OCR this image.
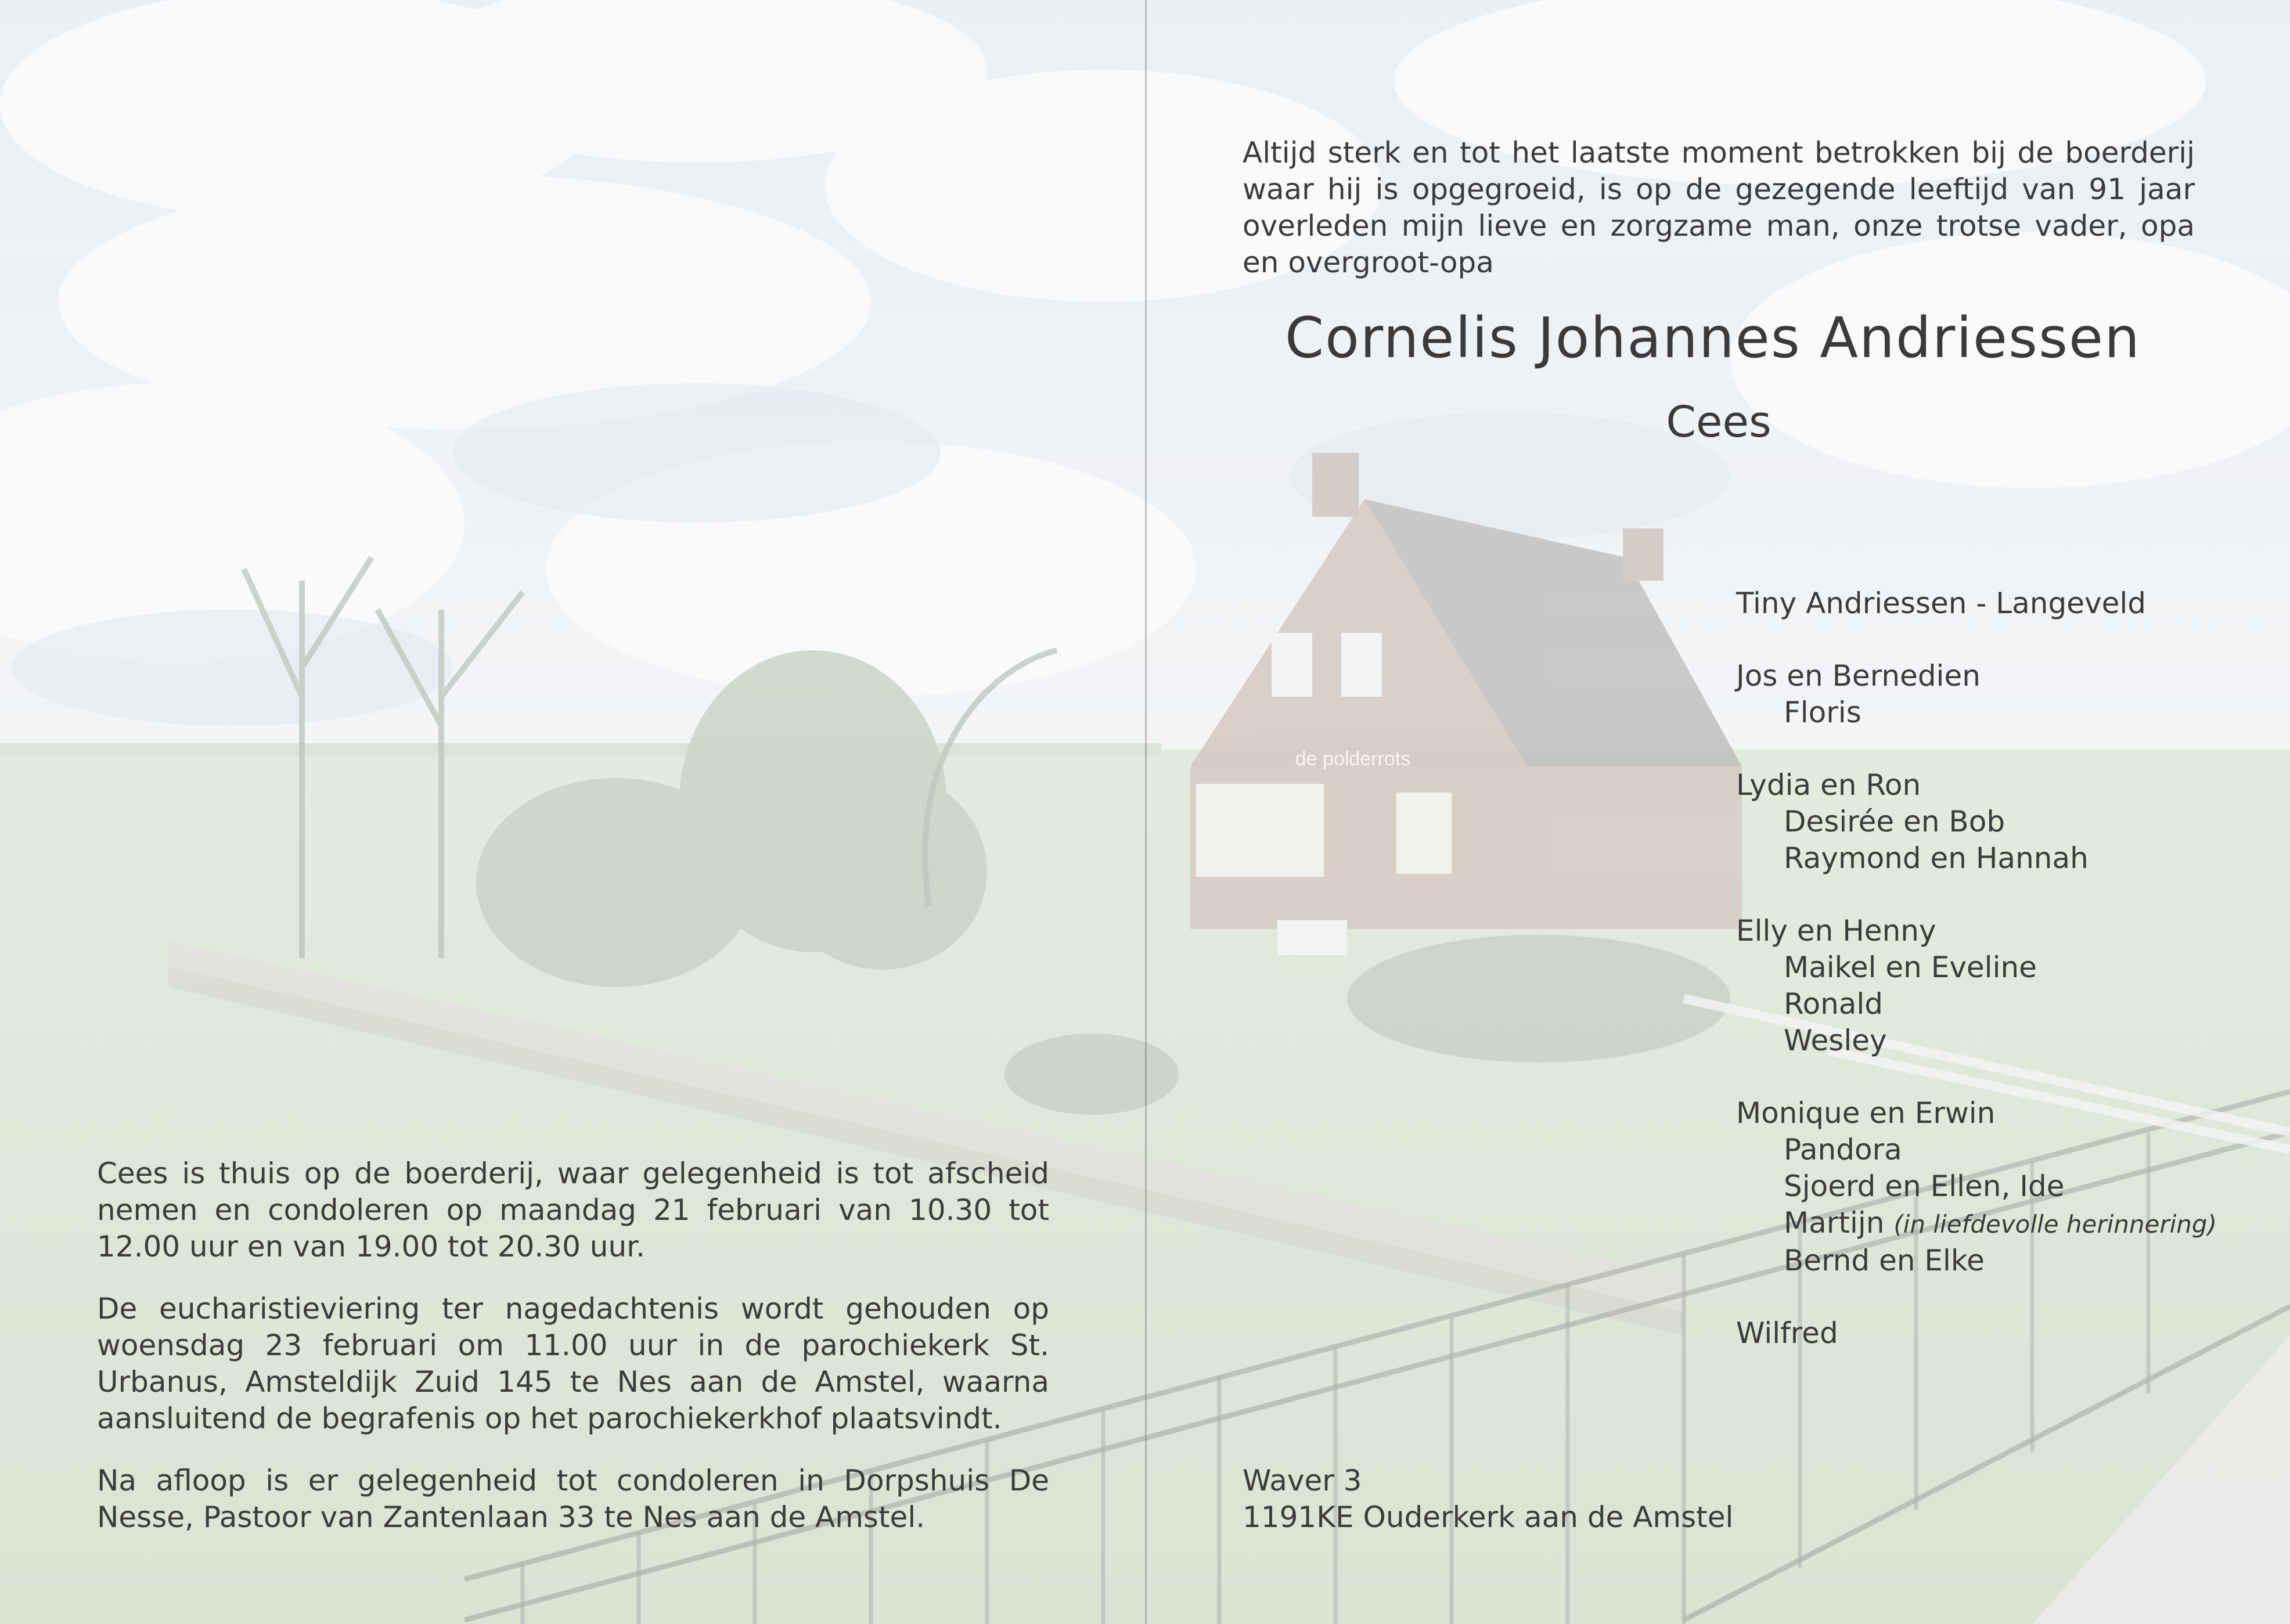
Altijd sterk en tot het laatste moment betrokken bij de boerderij waar hij is opgegroeid, is op de gezegende leeftijd van 91 jaar overleden mijn lieve en zorgzame man, onze trotse vader, opa en overgroot-opa

Cornelis Johannes Andriessen
Cees
Tiny Andriessen - Langeveld
Jos en Bernedien
Floris
Lydia en Ron
Desirée en Bob
Raymond en Hannah
Elly en Henny
Maikel en Eveline
Ronald
Wesley
Monique en Erwin
Pandora
Sjoerd en Ellen, Ide
Martijn (in liefdevolle herinnering)
Bernd en Elke
Wilfred

Cees is thuis op de boerderij, waar gelegenheid is tot afscheid nemen en condoleren op maandag 21 februari van 10.30 tot 12.00 uur en van 19.00 tot 20.30 uur.

De eucharistieviering ter nagedachtenis wordt gehouden op woensdag 23 februari om 11.00 uur in de parochiekerk St. Urbanus, Amsteldijk Zuid 145 te Nes aan de Amstel, waarna aansluitend de begrafenis op het parochiekerkhof plaatsvindt.

Na afloop is er gelegenheid tot condoleren in Dorpshuis De Nesse, Pastoor van Zantenlaan 33 te Nes aan de Amstel.

Waver 3
1191KE Ouderkerk aan de Amstel
